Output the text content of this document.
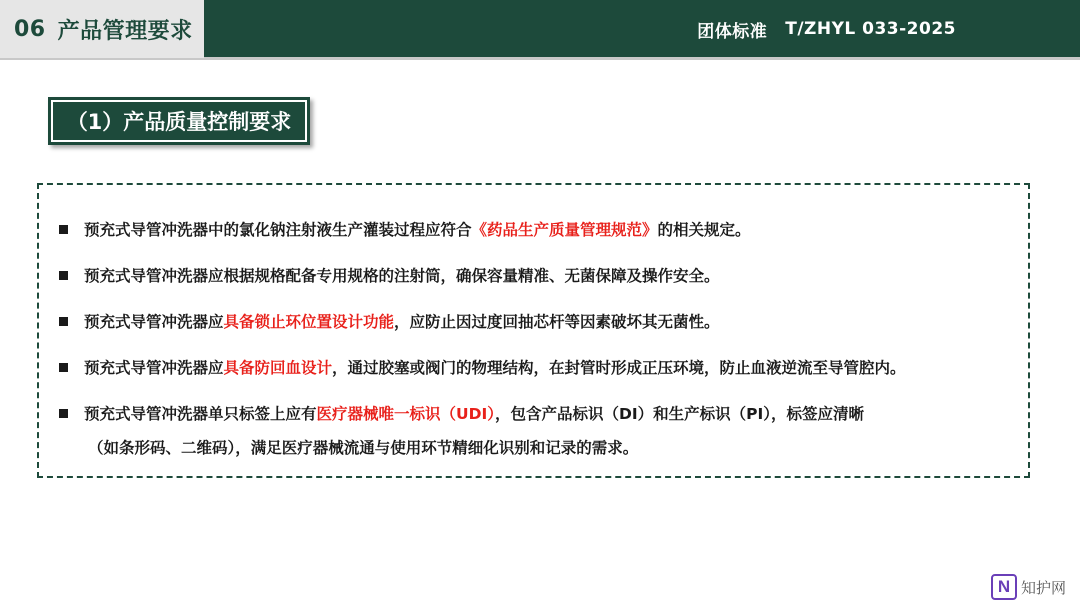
06 产品管理要求	团体标准 T/ZHYL 033-2025
（1）产品质量控制要求
预充式导管冲洗器中的氯化钠注射液生产灌装过程应符合《药品生产质量管理规范》的相关规定。
预充式导管冲洗器应根据规格配备专用规格的注射筒，确保容量精准、无菌保障及操作安全。
预充式导管冲洗器应具备锁止环位置设计功能，应防止因过度回抽芯杆等因素破坏其无菌性。
预充式导管冲洗器应具备防回血设计，通过胶塞或阀门的物理结构，在封管时形成正压环境，防止血液逆流至导管腔内。
预充式导管冲洗器单只标签上应有医疗器械唯一标识（UDI），包含产品标识（DI）和生产标识（PI），标签应清晰
（如条形码、二维码），满足医疗器械流通与使用环节精细化识别和记录的需求。
N 知护网
